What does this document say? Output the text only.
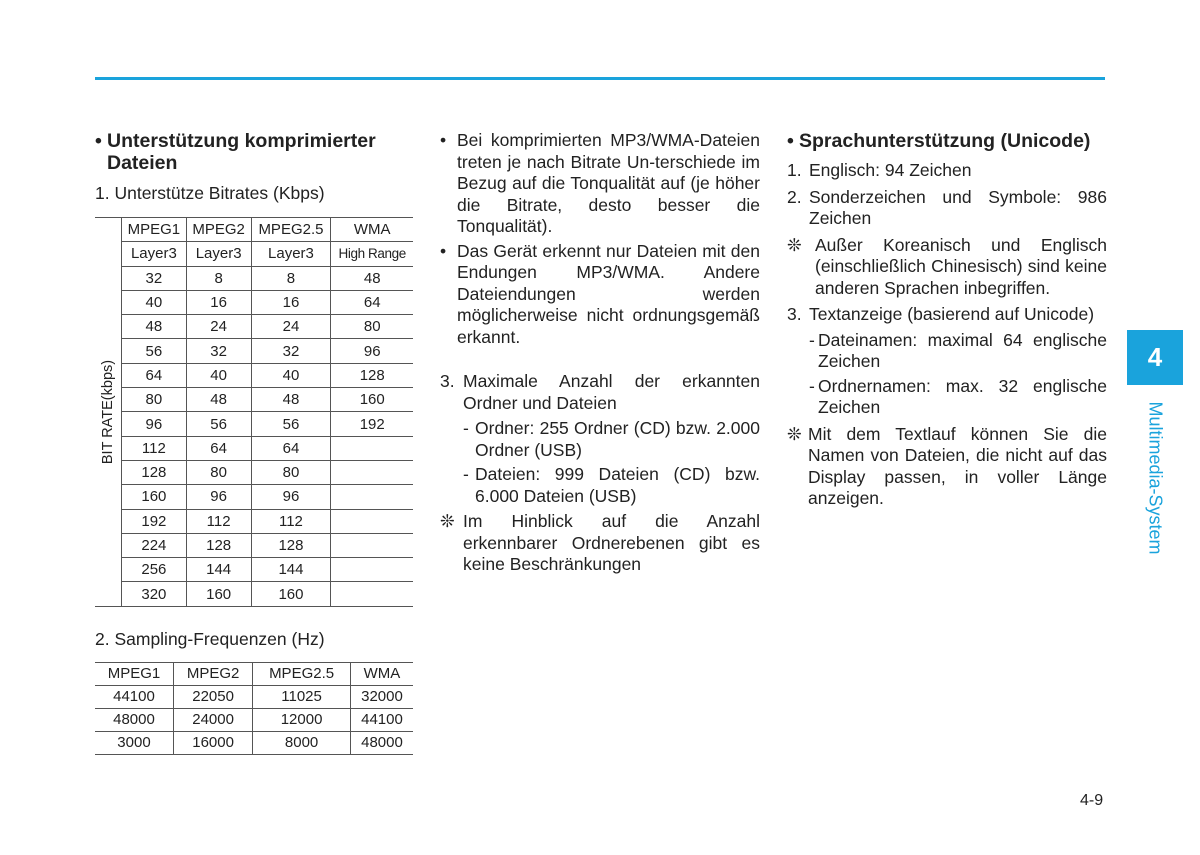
• Unterstützung komprimierter Dateien
1. Unterstütze Bitrates (Kbps)
BIT RATE(kbps)	MPEG1	MPEG2	MPEG2.5	WMA
	Layer3	Layer3	Layer3	High Range
	32	8	8	48
	40	16	16	64
	48	24	24	80
	56	32	32	96
	64	40	40	128
	80	48	48	160
	96	56	56	192
	112	64	64	
	128	80	80	
	160	96	96	
	192	112	112	
	224	128	128	
	256	144	144	
	320	160	160	
2. Sampling-Frequenzen (Hz)
MPEG1	MPEG2	MPEG2.5	WMA
44100	22050	11025	32000
48000	24000	12000	44100
3000	16000	8000	48000
• Bei komprimierten MP3/WMA-Dateien treten je nach Bitrate Un-terschiede im Bezug auf die Tonqualität auf (je höher die Bitrate, desto besser die Tonqualität).
• Das Gerät erkennt nur Dateien mit den Endungen MP3/WMA. Andere Dateiendungen werden möglicherweise nicht ordnungsgemäß erkannt.
3. Maximale Anzahl der erkannten Ordner und Dateien
- Ordner: 255 Ordner (CD) bzw. 2.000 Ordner (USB)
- Dateien: 999 Dateien (CD) bzw. 6.000 Dateien (USB)
❊ Im Hinblick auf die Anzahl erkennbarer Ordnerebenen gibt es keine Beschränkungen
• Sprachunterstützung (Unicode)
1. Englisch: 94 Zeichen
2. Sonderzeichen und Symbole: 986 Zeichen
❊ Außer Koreanisch und Englisch (einschließlich Chinesisch) sind keine anderen Sprachen inbegriffen.
3. Textanzeige (basierend auf Unicode)
- Dateinamen: maximal 64 englische Zeichen
- Ordnernamen: max. 32 englische Zeichen
❊ Mit dem Textlauf können Sie die Namen von Dateien, die nicht auf das Display passen, in voller Länge anzeigen.
4
Multimedia-System
4-9
